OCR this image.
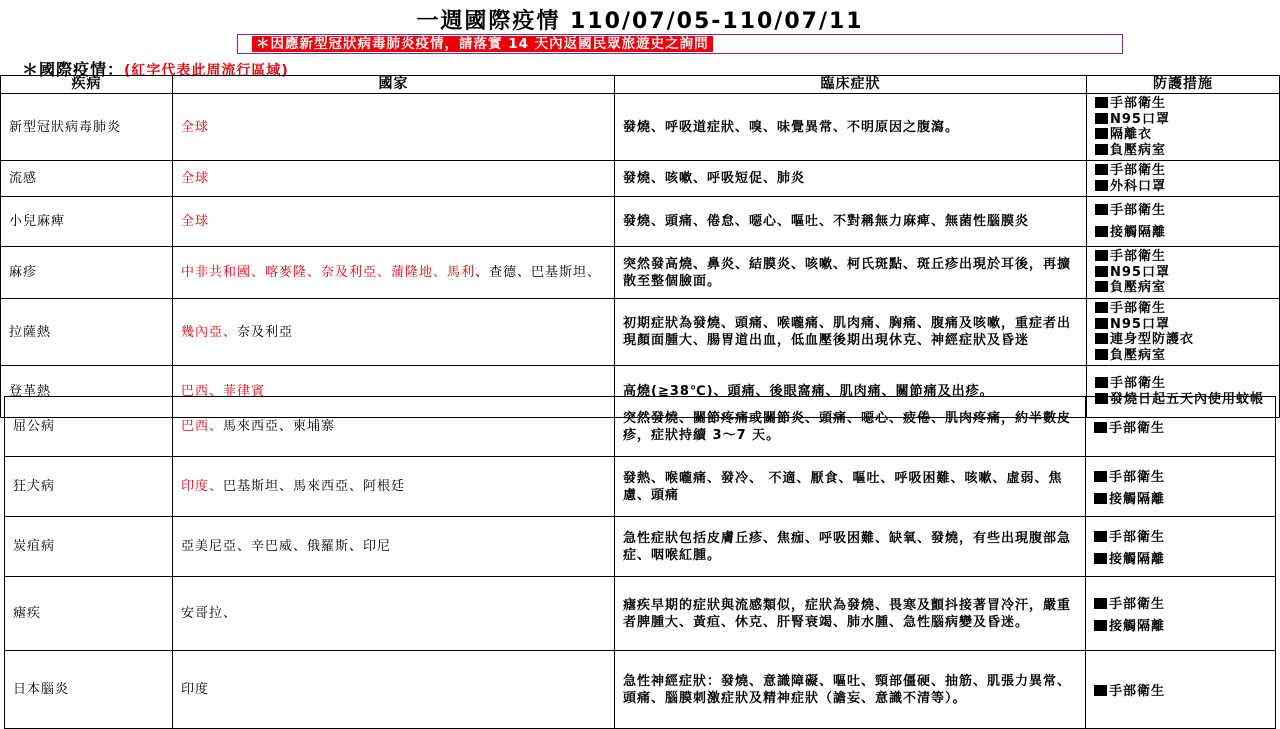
一週國際疫情 110/07/05-110/07/11
＊因應新型冠狀病毒肺炎疫情，請落實 14 天內返國民眾旅遊史之詢問
＊國際疫情：(紅字代表此周流行區域)
疾病	國家	臨床症狀	防護措施
新型冠狀病毒肺炎	全球	發燒、呼吸道症狀、嗅、味覺異常、不明原因之腹瀉。	手部衛生
N95口罩
隔離衣
負壓病室

流感	全球	發燒、咳嗽、呼吸短促、肺炎	手部衛生
外科口罩

小兒麻痺	全球	發燒、頭痛、倦怠、噁心、嘔吐、不對稱無力麻痺、無菌性腦膜炎	手部衛生
接觸隔離

麻疹	中非共和國、喀麥隆、奈及利亞、蒲隆地、馬利、查德、巴基斯坦、	突然發高燒、鼻炎、結膜炎、咳嗽、柯氏斑點、斑丘疹出現於耳後，再擴散至整個臉面。	手部衛生
N95口罩
負壓病室

拉薩熱	幾內亞、奈及利亞	初期症狀為發燒、頭痛、喉嚨痛、肌肉痛、胸痛、腹痛及咳嗽，重症者出現顏面腫大、腸胃道出血，低血壓後期出現休克、神經症狀及昏迷	手部衛生
N95口罩
連身型防護衣
負壓病室

登革熱	巴西、菲律賓	高燒(≧38℃)、頭痛、後眼窩痛、肌肉痛、關節痛及出疹。	手部衛生
發燒日起五天內使用蚊帳
屈公病	巴西、馬來西亞、柬埔寨	突然發燒、關節疼痛或關節炎、頭痛、噁心、疲倦、肌肉疼痛，約半數皮疹，症狀持續 3～7 天。	手部衛生

狂犬病	印度、巴基斯坦、馬來西亞、阿根廷	發熱、喉嚨痛、發冷、 不適、厭食、嘔吐、呼吸困難、咳嗽、虛弱、焦慮、頭痛	手部衛生
接觸隔離

炭疽病	亞美尼亞、辛巴威、俄羅斯、印尼	急性症狀包括皮膚丘疹、焦痂、呼吸困難、缺氧、發燒，有些出現腹部急症、咽喉紅腫。	手部衛生
接觸隔離

瘧疾	安哥拉、	瘧疾早期的症狀與流感類似，症狀為發燒、畏寒及顫抖接著冒冷汗，嚴重者脾腫大、黃疸、休克、肝腎衰竭、肺水腫、急性腦病變及昏迷。	手部衛生
接觸隔離

日本腦炎	印度	急性神經症狀：發燒、意識障礙、嘔吐、頸部僵硬、抽筋、肌張力異常、頭痛、腦膜刺激症狀及精神症狀（譫妄、意識不清等）。	手部衛生
